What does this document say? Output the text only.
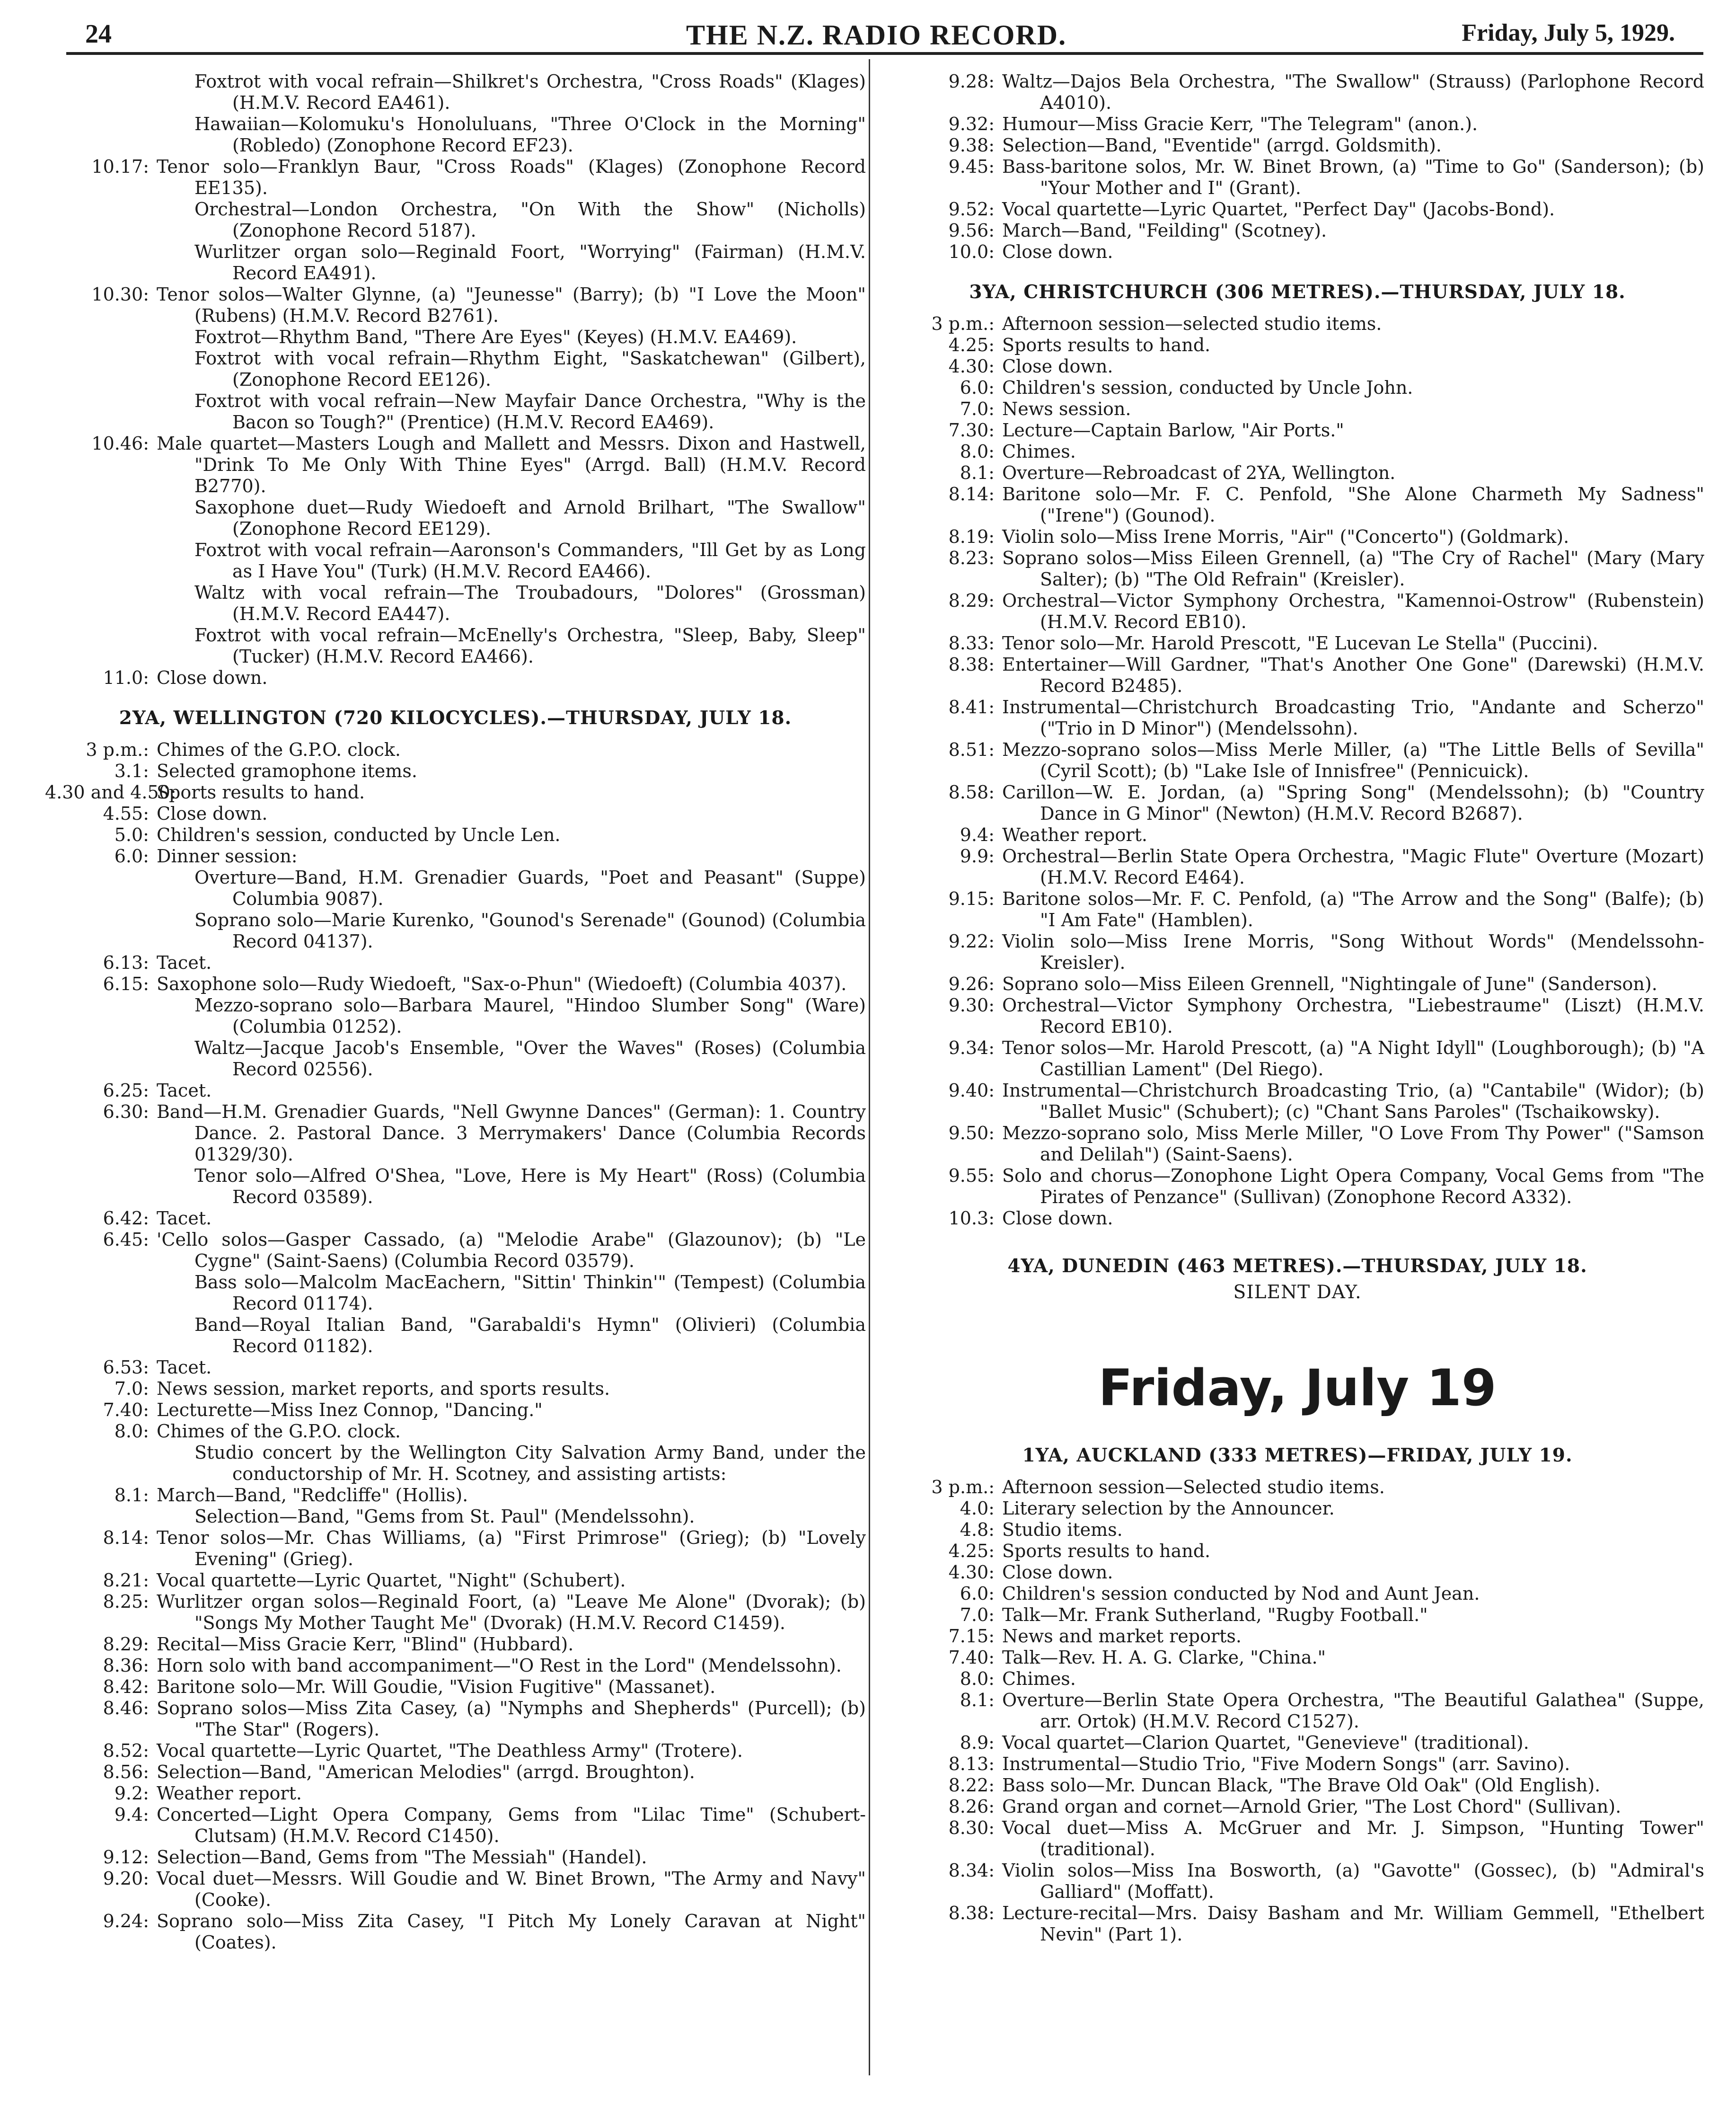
24	THE N.Z. RADIO RECORD.	Friday, July 5, 1929.
Foxtrot with vocal refrain—Shilkret's Orchestra, "Cross Roads" (Klages) (H.M.V. Record EA461).
Hawaiian—Kolomuku's Honoluluans, "Three O'Clock in the Morning" (Robledo) (Zonophone Record EF23).
10.17: Tenor solo—Franklyn Baur, "Cross Roads" (Klages) (Zonophone Record EE135).
Orchestral—London Orchestra, "On With the Show" (Nicholls) (Zonophone Record 5187).
Wurlitzer organ solo—Reginald Foort, "Worrying" (Fairman) (H.M.V. Record EA491).
10.30: Tenor solos—Walter Glynne, (a) "Jeunesse" (Barry); (b) "I Love the Moon" (Rubens) (H.M.V. Record B2761).
Foxtrot—Rhythm Band, "There Are Eyes" (Keyes) (H.M.V. EA469).
Foxtrot with vocal refrain—Rhythm Eight, "Saskatchewan" (Gilbert), (Zonophone Record EE126).
Foxtrot with vocal refrain—New Mayfair Dance Orchestra, "Why is the Bacon so Tough?" (Prentice) (H.M.V. Record EA469).
10.46: Male quartet—Masters Lough and Mallett and Messrs. Dixon and Hastwell, "Drink To Me Only With Thine Eyes" (Arrgd. Ball) (H.M.V. Record B2770).
Saxophone duet—Rudy Wiedoeft and Arnold Brilhart, "The Swallow" (Zonophone Record EE129).
Foxtrot with vocal refrain—Aaronson's Commanders, "Ill Get by as Long as I Have You" (Turk) (H.M.V. Record EA466).
Waltz with vocal refrain—The Troubadours, "Dolores" (Grossman) (H.M.V. Record EA447).
Foxtrot with vocal refrain—McEnelly's Orchestra, "Sleep, Baby, Sleep" (Tucker) (H.M.V. Record EA466).
11.0: Close down.
2YA, WELLINGTON (720 KILOCYCLES).—THURSDAY, JULY 18.
3 p.m.: Chimes of the G.P.O. clock.
3.1: Selected gramophone items.
4.30 and 4.50:
Sports results to hand.
4.55: Close down.
5.0: Children's session, conducted by Uncle Len.
6.0: Dinner session:
Overture—Band, H.M. Grenadier Guards, "Poet and Peasant" (Suppe) Columbia 9087).
Soprano solo—Marie Kurenko, "Gounod's Serenade" (Gounod) (Columbia Record 04137).
6.13: Tacet.
6.15: Saxophone solo—Rudy Wiedoeft, "Sax-o-Phun" (Wiedoeft) (Columbia 4037).
Mezzo-soprano solo—Barbara Maurel, "Hindoo Slumber Song" (Ware) (Columbia 01252).
Waltz—Jacque Jacob's Ensemble, "Over the Waves" (Roses) (Columbia Record 02556).
6.25: Tacet.
6.30: Band—H.M. Grenadier Guards, "Nell Gwynne Dances" (German): 1. Country Dance. 2. Pastoral Dance. 3 Merrymakers' Dance (Columbia Records 01329/30).
Tenor solo—Alfred O'Shea, "Love, Here is My Heart" (Ross) (Columbia Record 03589).
6.42: Tacet.
6.45: 'Cello solos—Gasper Cassado, (a) "Melodie Arabe" (Glazounov); (b) "Le Cygne" (Saint-Saens) (Columbia Record 03579).
Bass solo—Malcolm MacEachern, "Sittin' Thinkin'" (Tempest) (Columbia Record 01174).
Band—Royal Italian Band, "Garabaldi's Hymn" (Olivieri) (Columbia Record 01182).
6.53: Tacet.
7.0: News session, market reports, and sports results.
7.40: Lecturette—Miss Inez Connop, "Dancing."
8.0: Chimes of the G.P.O. clock.
Studio concert by the Wellington City Salvation Army Band, under the conductorship of Mr. H. Scotney, and assisting artists:
8.1: March—Band, "Redcliffe" (Hollis).
Selection—Band, "Gems from St. Paul" (Mendelssohn).
8.14: Tenor solos—Mr. Chas Williams, (a) "First Primrose" (Grieg); (b) "Lovely Evening" (Grieg).
8.21: Vocal quartette—Lyric Quartet, "Night" (Schubert).
8.25: Wurlitzer organ solos—Reginald Foort, (a) "Leave Me Alone" (Dvorak); (b) "Songs My Mother Taught Me" (Dvorak) (H.M.V. Record C1459).
8.29: Recital—Miss Gracie Kerr, "Blind" (Hubbard).
8.36: Horn solo with band accompaniment—"O Rest in the Lord" (Mendelssohn).
8.42: Baritone solo—Mr. Will Goudie, "Vision Fugitive" (Massanet).
8.46: Soprano solos—Miss Zita Casey, (a) "Nymphs and Shepherds" (Purcell); (b) "The Star" (Rogers).
8.52: Vocal quartette—Lyric Quartet, "The Deathless Army" (Trotere).
8.56: Selection—Band, "American Melodies" (arrgd. Broughton).
9.2: Weather report.
9.4: Concerted—Light Opera Company, Gems from "Lilac Time" (Schubert-Clutsam) (H.M.V. Record C1450).
9.12: Selection—Band, Gems from "The Messiah" (Handel).
9.20: Vocal duet—Messrs. Will Goudie and W. Binet Brown, "The Army and Navy" (Cooke).
9.24: Soprano solo—Miss Zita Casey, "I Pitch My Lonely Caravan at Night" (Coates).
9.28: Waltz—Dajos Bela Orchestra, "The Swallow" (Strauss) (Parlophone Record A4010).
9.32: Humour—Miss Gracie Kerr, "The Telegram" (anon.).
9.38: Selection—Band, "Eventide" (arrgd. Goldsmith).
9.45: Bass-baritone solos, Mr. W. Binet Brown, (a) "Time to Go" (Sanderson); (b) "Your Mother and I" (Grant).
9.52: Vocal quartette—Lyric Quartet, "Perfect Day" (Jacobs-Bond).
9.56: March—Band, "Feilding" (Scotney).
10.0: Close down.
3YA, CHRISTCHURCH (306 METRES).—THURSDAY, JULY 18.
3 p.m.: Afternoon session—selected studio items.
4.25: Sports results to hand.
4.30: Close down.
6.0: Children's session, conducted by Uncle John.
7.0: News session.
7.30: Lecture—Captain Barlow, "Air Ports."
8.0: Chimes.
8.1: Overture—Rebroadcast of 2YA, Wellington.
8.14: Baritone solo—Mr. F. C. Penfold, "She Alone Charmeth My Sadness" ("Irene") (Gounod).
8.19: Violin solo—Miss Irene Morris, "Air" ("Concerto") (Goldmark).
8.23: Soprano solos—Miss Eileen Grennell, (a) "The Cry of Rachel" (Mary (Mary Salter); (b) "The Old Refrain" (Kreisler).
8.29: Orchestral—Victor Symphony Orchestra, "Kamennoi-Ostrow" (Rubenstein) (H.M.V. Record EB10).
8.33: Tenor solo—Mr. Harold Prescott, "E Lucevan Le Stella" (Puccini).
8.38: Entertainer—Will Gardner, "That's Another One Gone" (Darewski) (H.M.V. Record B2485).
8.41: Instrumental—Christchurch Broadcasting Trio, "Andante and Scherzo" ("Trio in D Minor") (Mendelssohn).
8.51: Mezzo-soprano solos—Miss Merle Miller, (a) "The Little Bells of Sevilla" (Cyril Scott); (b) "Lake Isle of Innisfree" (Pennicuick).
8.58: Carillon—W. E. Jordan, (a) "Spring Song" (Mendelssohn); (b) "Country Dance in G Minor" (Newton) (H.M.V. Record B2687).
9.4: Weather report.
9.9: Orchestral—Berlin State Opera Orchestra, "Magic Flute" Overture (Mozart) (H.M.V. Record E464).
9.15: Baritone solos—Mr. F. C. Penfold, (a) "The Arrow and the Song" (Balfe); (b) "I Am Fate" (Hamblen).
9.22: Violin solo—Miss Irene Morris, "Song Without Words" (Mendelssohn-Kreisler).
9.26: Soprano solo—Miss Eileen Grennell, "Nightingale of June" (Sanderson).
9.30: Orchestral—Victor Symphony Orchestra, "Liebestraume" (Liszt) (H.M.V. Record EB10).
9.34: Tenor solos—Mr. Harold Prescott, (a) "A Night Idyll" (Loughborough); (b) "A Castillian Lament" (Del Riego).
9.40: Instrumental—Christchurch Broadcasting Trio, (a) "Cantabile" (Widor); (b) "Ballet Music" (Schubert); (c) "Chant Sans Paroles" (Tschaikowsky).
9.50: Mezzo-soprano solo, Miss Merle Miller, "O Love From Thy Power" ("Samson and Delilah") (Saint-Saens).
9.55: Solo and chorus—Zonophone Light Opera Company, Vocal Gems from "The Pirates of Penzance" (Sullivan) (Zonophone Record A332).
10.3: Close down.
4YA, DUNEDIN (463 METRES).—THURSDAY, JULY 18.
SILENT DAY.
Friday, July 19
1YA, AUCKLAND (333 METRES)—FRIDAY, JULY 19.
3 p.m.: Afternoon session—Selected studio items.
4.0: Literary selection by the Announcer.
4.8: Studio items.
4.25: Sports results to hand.
4.30: Close down.
6.0: Children's session conducted by Nod and Aunt Jean.
7.0: Talk—Mr. Frank Sutherland, "Rugby Football."
7.15: News and market reports.
7.40: Talk—Rev. H. A. G. Clarke, "China."
8.0: Chimes.
8.1: Overture—Berlin State Opera Orchestra, "The Beautiful Galathea" (Suppe, arr. Ortok) (H.M.V. Record C1527).
8.9: Vocal quartet—Clarion Quartet, "Genevieve" (traditional).
8.13: Instrumental—Studio Trio, "Five Modern Songs" (arr. Savino).
8.22: Bass solo—Mr. Duncan Black, "The Brave Old Oak" (Old English).
8.26: Grand organ and cornet—Arnold Grier, "The Lost Chord" (Sullivan).
8.30: Vocal duet—Miss A. McGruer and Mr. J. Simpson, "Hunting Tower" (traditional).
8.34: Violin solos—Miss Ina Bosworth, (a) "Gavotte" (Gossec), (b) "Admiral's Galliard" (Moffatt).
8.38: Lecture-recital—Mrs. Daisy Basham and Mr. William Gemmell, "Ethelbert Nevin" (Part 1).
